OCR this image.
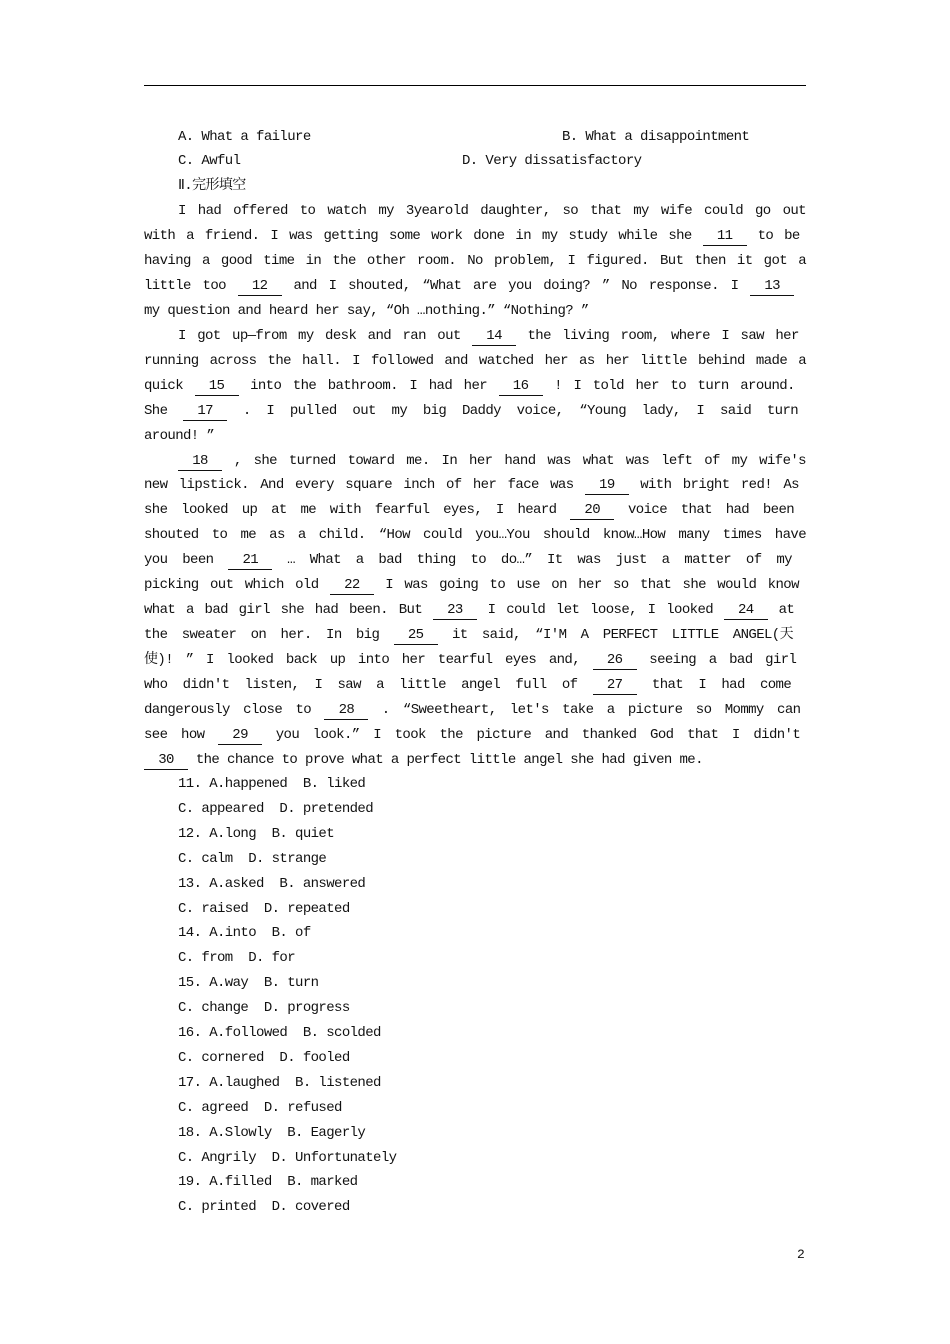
A. What a failure	B. What a disappointment
C. Awful	D. Very dissatisfactory
Ⅱ.完形填空
I had offered to watch my 3yearold daughter, so that my wife could go out
with a friend. I was getting some work done in my study while she 11 to be
having a good time in the other room. No problem, I figured. But then it got a
little too 12 and I shouted, “What are you doing? ” No response. I 13
my question and heard her say, “Oh …nothing.” “Nothing? ”
I got up—from my desk and ran out 14 the living room, where I saw her
running across the hall. I followed and watched her as her little behind made a
quick 15 into the bathroom. I had her 16 ! I told her to turn around.
She 17 . I pulled out my big Daddy voice, “Young lady, I said turn
around! ”
18 , she turned toward me. In her hand was what was left of my wife's
new lipstick. And every square inch of her face was 19 with bright red! As
she looked up at me with fearful eyes, I heard 20 voice that had been
shouted to me as a child. “How could you…You should know…How many times have
you been 21 … What a bad thing to do…” It was just a matter of my
picking out which old 22 I was going to use on her so that she would know
what a bad girl she had been. But 23 I could let loose, I looked 24 at
the sweater on her. In big 25 it said, “I'M A PERFECT LITTLE ANGEL(天
使)! ” I looked back up into her tearful eyes and, 26 seeing a bad girl
who didn't listen, I saw a little angel full of 27 that I had come
dangerously close to 28 . “Sweetheart, let's take a picture so Mommy can
see how 29 you look.” I took the picture and thanked God that I didn't
30 the chance to prove what a perfect little angel she had given me.
11. A.happened  B. liked
C. appeared  D. pretended
12. A.long  B. quiet
C. calm  D. strange
13. A.asked  B. answered
C. raised  D. repeated
14. A.into  B. of
C. from  D. for
15. A.way  B. turn
C. change  D. progress
16. A.followed  B. scolded
C. cornered  D. fooled
17. A.laughed  B. listened
C. agreed  D. refused
18. A.Slowly  B. Eagerly
C. Angrily  D. Unfortunately
19. A.filled  B. marked
C. printed  D. covered
2
